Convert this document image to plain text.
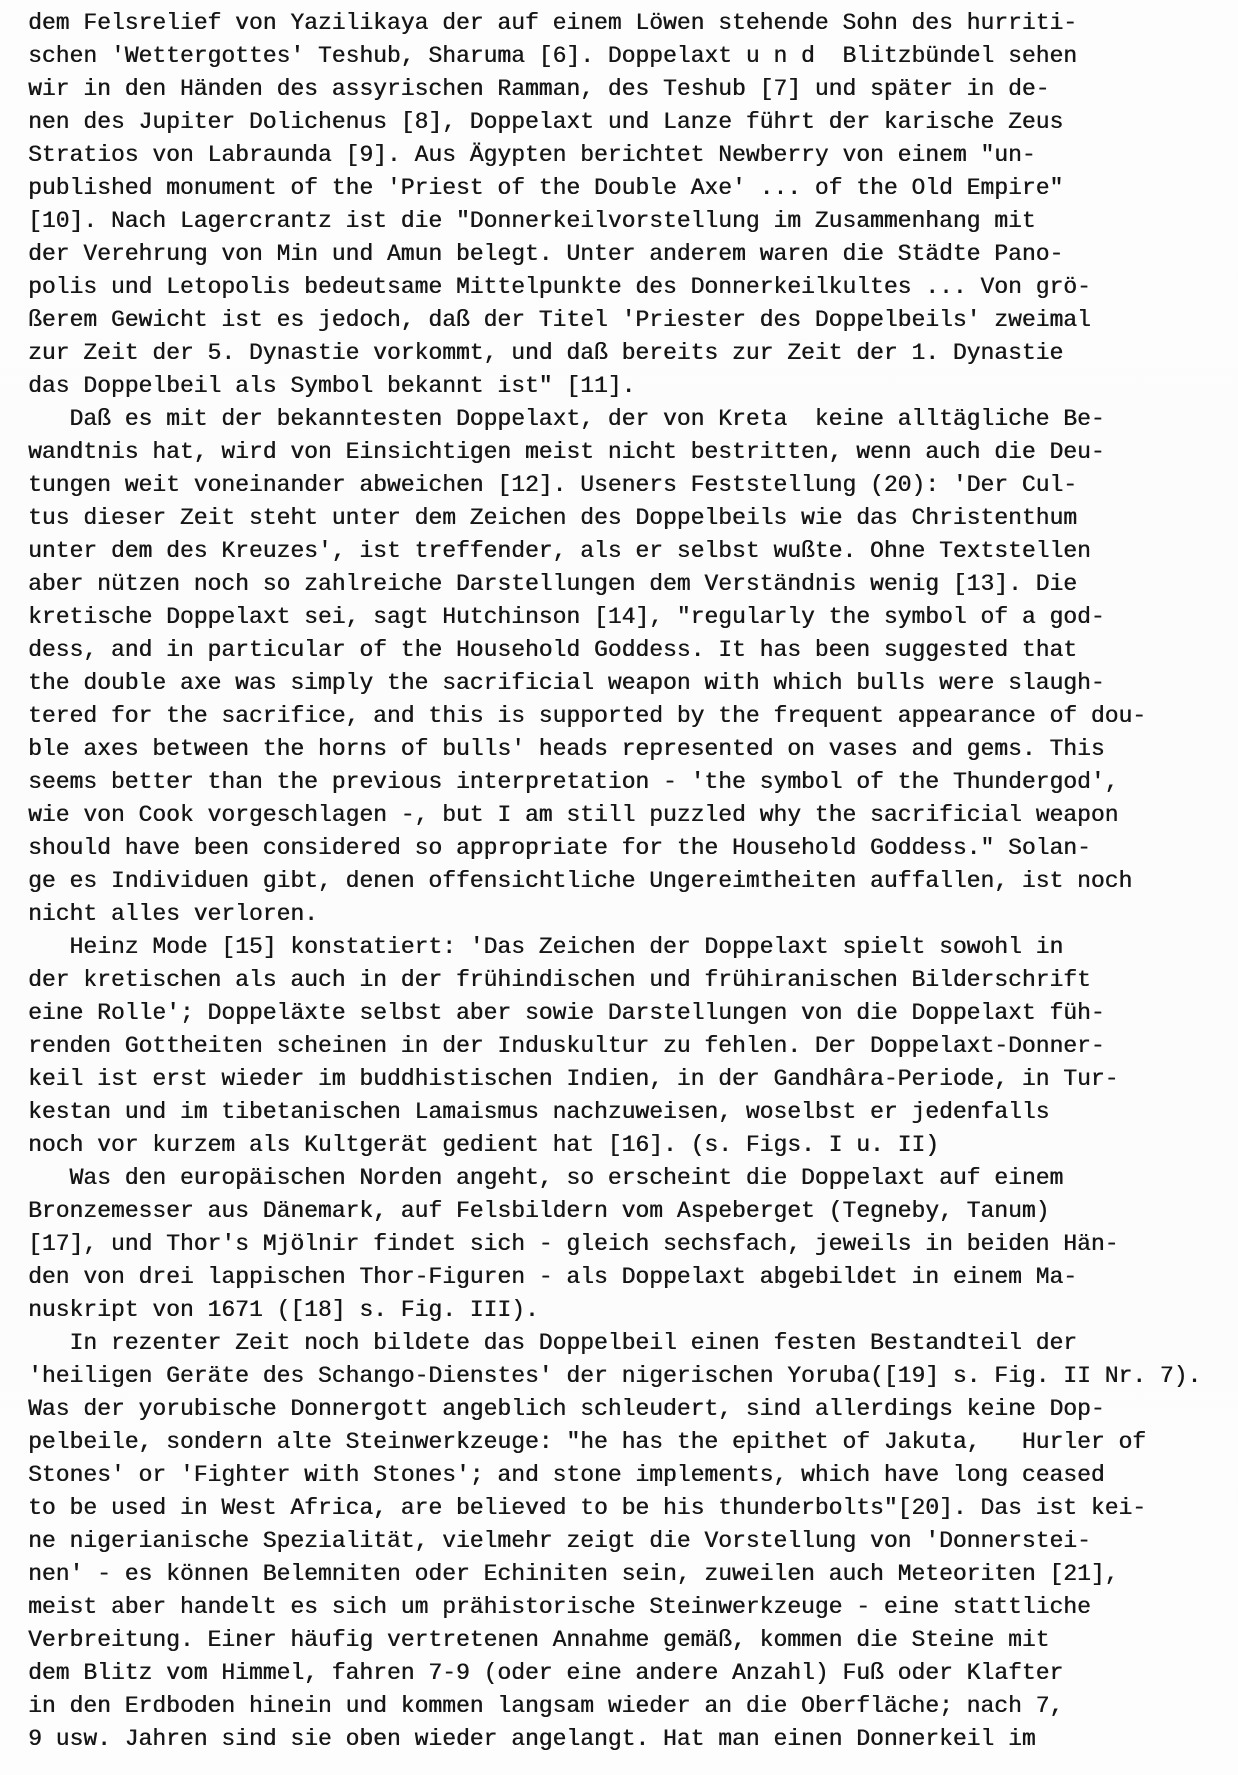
dem Felsrelief von Yazilikaya der auf einem Löwen stehende Sohn des hurriti-
schen 'Wettergottes' Teshub, Sharuma [6]. Doppelaxt u n d  Blitzbündel sehen
wir in den Händen des assyrischen Ramman, des Teshub [7] und später in de-
nen des Jupiter Dolichenus [8], Doppelaxt und Lanze führt der karische Zeus
Stratios von Labraunda [9]. Aus Ägypten berichtet Newberry von einem "un-
published monument of the 'Priest of the Double Axe' ... of the Old Empire"
[10]. Nach Lagercrantz ist die "Donnerkeilvorstellung im Zusammenhang mit
der Verehrung von Min und Amun belegt. Unter anderem waren die Städte Pano-
polis und Letopolis bedeutsame Mittelpunkte des Donnerkeilkultes ... Von grö-
ßerem Gewicht ist es jedoch, daß der Titel 'Priester des Doppelbeils' zweimal
zur Zeit der 5. Dynastie vorkommt, und daß bereits zur Zeit der 1. Dynastie
das Doppelbeil als Symbol bekannt ist" [11].
Daß es mit der bekanntesten Doppelaxt, der von Kreta  keine alltägliche Be-
wandtnis hat, wird von Einsichtigen meist nicht bestritten, wenn auch die Deu-
tungen weit voneinander abweichen [12]. Useners Feststellung (20): 'Der Cul-
tus dieser Zeit steht unter dem Zeichen des Doppelbeils wie das Christenthum
unter dem des Kreuzes', ist treffender, als er selbst wußte. Ohne Textstellen
aber nützen noch so zahlreiche Darstellungen dem Verständnis wenig [13]. Die
kretische Doppelaxt sei, sagt Hutchinson [14], "regularly the symbol of a god-
dess, and in particular of the Household Goddess. It has been suggested that
the double axe was simply the sacrificial weapon with which bulls were slaugh-
tered for the sacrifice, and this is supported by the frequent appearance of dou-
ble axes between the horns of bulls' heads represented on vases and gems. This
seems better than the previous interpretation - 'the symbol of the Thundergod',
wie von Cook vorgeschlagen -, but I am still puzzled why the sacrificial weapon
should have been considered so appropriate for the Household Goddess." Solan-
ge es Individuen gibt, denen offensichtliche Ungereimtheiten auffallen, ist noch
nicht alles verloren.
Heinz Mode [15] konstatiert: 'Das Zeichen der Doppelaxt spielt sowohl in
der kretischen als auch in der frühindischen und frühiranischen Bilderschrift
eine Rolle'; Doppeläxte selbst aber sowie Darstellungen von die Doppelaxt füh-
renden Gottheiten scheinen in der Induskultur zu fehlen. Der Doppelaxt-Donner-
keil ist erst wieder im buddhistischen Indien, in der Gandhâra-Periode, in Tur-
kestan und im tibetanischen Lamaismus nachzuweisen, woselbst er jedenfalls
noch vor kurzem als Kultgerät gedient hat [16]. (s. Figs. I u. II)
Was den europäischen Norden angeht, so erscheint die Doppelaxt auf einem
Bronzemesser aus Dänemark, auf Felsbildern vom Aspeberget (Tegneby, Tanum)
[17], und Thor's Mjölnir findet sich - gleich sechsfach, jeweils in beiden Hän-
den von drei lappischen Thor-Figuren - als Doppelaxt abgebildet in einem Ma-
nuskript von 1671 ([18] s. Fig. III).
In rezenter Zeit noch bildete das Doppelbeil einen festen Bestandteil der
'heiligen Geräte des Schango-Dienstes' der nigerischen Yoruba([19] s. Fig. II Nr. 7).
Was der yorubische Donnergott angeblich schleudert, sind allerdings keine Dop-
pelbeile, sondern alte Steinwerkzeuge: "he has the epithet of Jakuta,   Hurler of
Stones' or 'Fighter with Stones'; and stone implements, which have long ceased
to be used in West Africa, are believed to be his thunderbolts"[20]. Das ist kei-
ne nigerianische Spezialität, vielmehr zeigt die Vorstellung von 'Donnerstei-
nen' - es können Belemniten oder Echiniten sein, zuweilen auch Meteoriten [21],
meist aber handelt es sich um prähistorische Steinwerkzeuge - eine stattliche
Verbreitung. Einer häufig vertretenen Annahme gemäß, kommen die Steine mit
dem Blitz vom Himmel, fahren 7-9 (oder eine andere Anzahl) Fuß oder Klafter
in den Erdboden hinein und kommen langsam wieder an die Oberfläche; nach 7,
9 usw. Jahren sind sie oben wieder angelangt. Hat man einen Donnerkeil im
